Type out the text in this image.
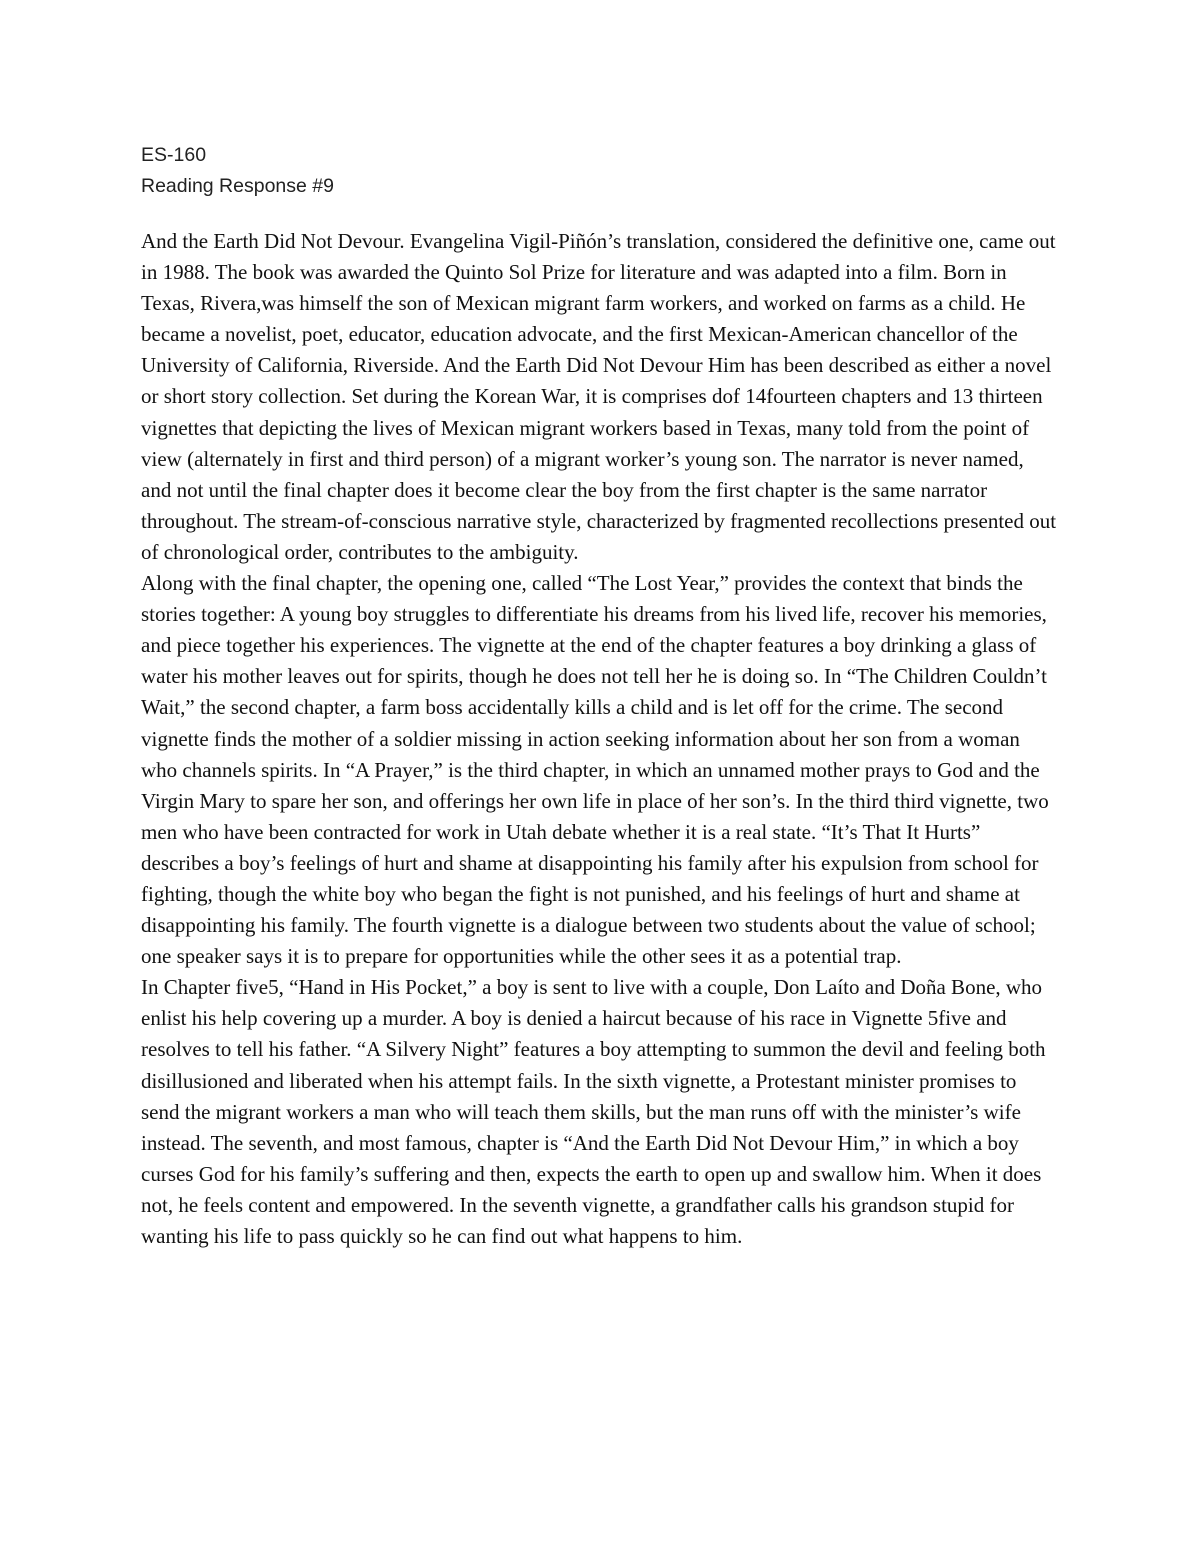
ES-160
Reading Response #9

And the Earth Did Not Devour. Evangelina Vigil-Piñón’s translation, considered the definitive one, came out in 1988. The book was awarded the Quinto Sol Prize for literature and was adapted into a film. Born in Texas, Rivera,was himself the son of Mexican migrant farm workers, and worked on farms as a child. He became a novelist, poet, educator, education advocate, and the first Mexican-American chancellor of the University of California, Riverside. And the Earth Did Not Devour Him has been described as either a novel or short story collection. Set during the Korean War, it is comprises dof 14fourteen chapters and 13 thirteen vignettes that depicting the lives of Mexican migrant workers based in Texas, many told from the point of view (alternately in first and third person) of a migrant worker’s young son. The narrator is never named, and not until the final chapter does it become clear the boy from the first chapter is the same narrator throughout. The stream-of-conscious narrative style, characterized by fragmented recollections presented out of chronological order, contributes to the ambiguity.

Along with the final chapter, the opening one, called “The Lost Year,” provides the context that binds the stories together: A young boy struggles to differentiate his dreams from his lived life, recover his memories, and piece together his experiences. The vignette at the end of the chapter features a boy drinking a glass of water his mother leaves out for spirits, though he does not tell her he is doing so. In “The Children Couldn’t Wait,” the second chapter, a farm boss accidentally kills a child and is let off for the crime. The second vignette finds the mother of a soldier missing in action seeking information about her son from a woman who channels spirits. In “A Prayer,” is the third chapter, in which an unnamed mother prays to God and the Virgin Mary to spare her son, and offerings her own life in place of her son’s. In the third third vignette, two men who have been contracted for work in Utah debate whether it is a real state. “It’s That It Hurts” describes a boy’s feelings of hurt and shame at disappointing his family after his expulsion from school for fighting, though the white boy who began the fight is not punished, and his feelings of hurt and shame at disappointing his family. The fourth vignette is a dialogue between two students about the value of school; one speaker says it is to prepare for opportunities while the other sees it as a potential trap.

In Chapter five5, “Hand in His Pocket,” a boy is sent to live with a couple, Don Laíto and Doña Bone, who enlist his help covering up a murder. A boy is denied a haircut because of his race in Vignette 5five and resolves to tell his father. “A Silvery Night” features a boy attempting to summon the devil and feeling both disillusioned and liberated when his attempt fails. In the sixth vignette, a Protestant minister promises to send the migrant workers a man who will teach them skills, but the man runs off with the minister’s wife instead. The seventh, and most famous, chapter is “And the Earth Did Not Devour Him,” in which a boy curses God for his family’s suffering and then, expects the earth to open up and swallow him. When it does not, he feels content and empowered. In the seventh vignette, a grandfather calls his grandson stupid for wanting his life to pass quickly so he can find out what happens to him.
